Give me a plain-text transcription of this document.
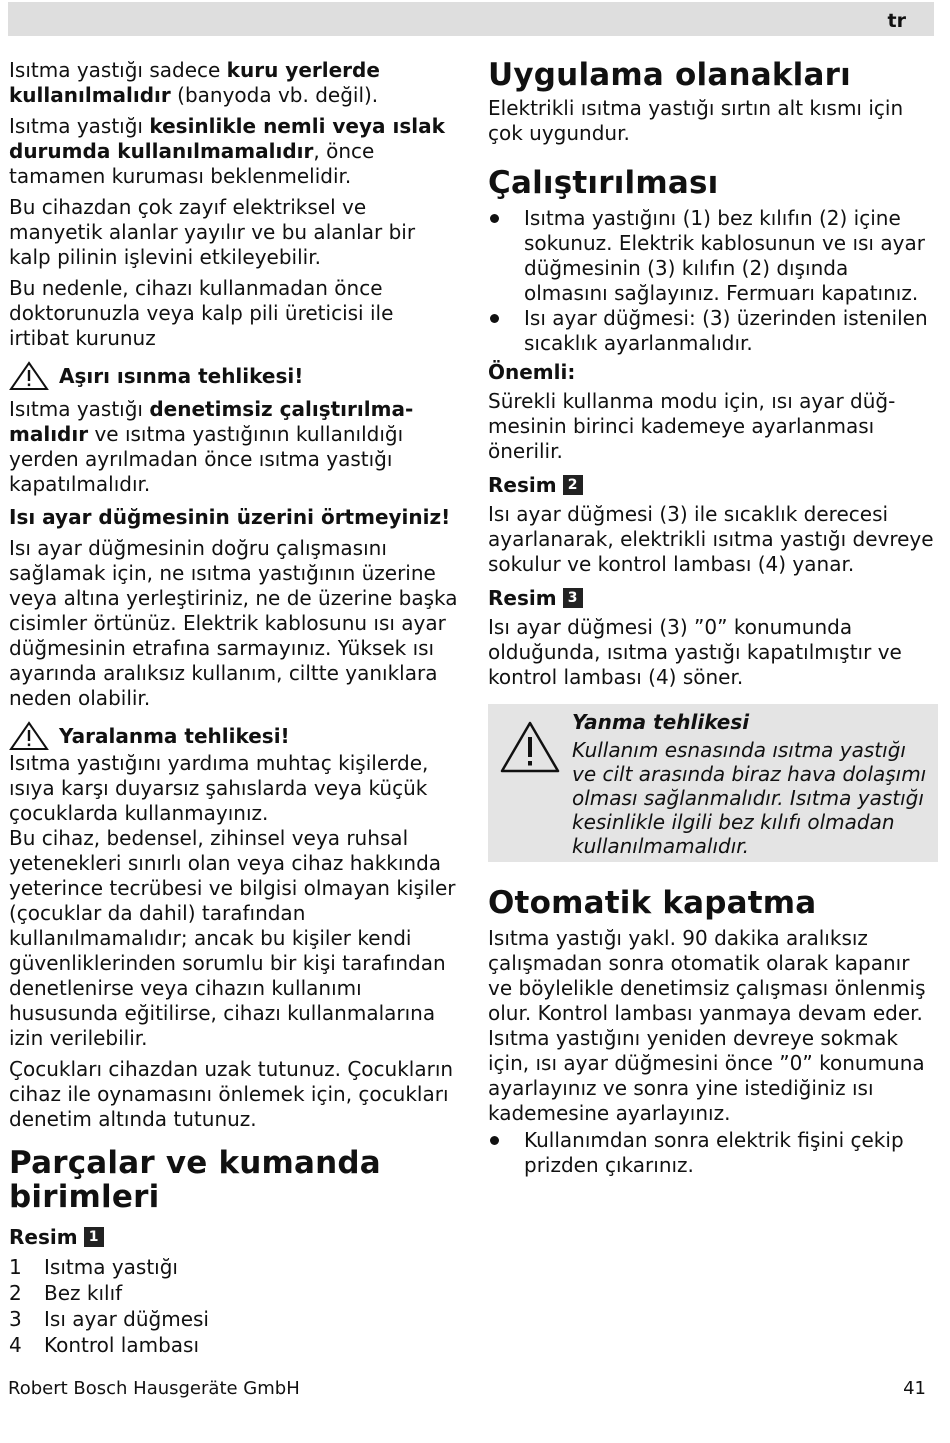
tr

Isıtma yastığı sadece kuru yerlerde kullanılmalıdır (banyoda vb. değil).

Isıtma yastığı kesinlikle nemli veya ıslak durumda kullanılmamalıdır, önce tamamen kuruması beklenmelidir.

Bu cihazdan çok zayıf elektriksel ve manyetik alanlar yayılır ve bu alanlar bir kalp pilinin işlevini etkileyebilir.

Bu nedenle, cihazı kullanmadan önce doktorunuzla veya kalp pili üreticisi ile irtibat kurunuz

Aşırı ısınma tehlikesi!

Isıtma yastığı denetimsiz çalıştırılmamalıdır ve ısıtma yastığının kullanıldığı yerden ayrılmadan önce ısıtma yastığı kapatılmalıdır.

Isı ayar düğmesinin üzerini örtmeyiniz!

Isı ayar düğmesinin doğru çalışmasını sağlamak için, ne ısıtma yastığının üzerine veya altına yerleştiriniz, ne de üzerine başka cisimler örtünüz. Elektrik kablosunu ısı ayar düğmesinin etrafına sarmayınız. Yüksek ısı ayarında aralıksız kullanım, ciltte yanıklara neden olabilir.

Yaralanma tehlikesi!

Isıtma yastığını yardıma muhtaç kişilerde, ısıya karşı duyarsız şahıslarda veya küçük çocuklarda kullanmayınız.

Bu cihaz, bedensel, zihinsel veya ruhsal yetenekleri sınırlı olan veya cihaz hakkında yeterince tecrübesi ve bilgisi olmayan kişiler (çocuklar da dahil) tarafından kullanılmamalıdır; ancak bu kişiler kendi güvenliklerinden sorumlu bir kişi tarafından denetlenirse veya cihazın kullanımı hususunda eğitilirse, cihazı kullanmalarına izin verilebilir.

Çocukları cihazdan uzak tutunuz. Çocukların cihaz ile oynamasını önlemek için, çocukları denetim altında tutunuz.

Parçalar ve kumanda birimleri
Resim 1
1	Isıtma yastığı
2	Bez kılıf
3	Isı ayar düğmesi
4	Kontrol lambası
Uygulama olanakları

Elektrikli ısıtma yastığı sırtın alt kısmı için çok uygundur.

Çalıştırılması
Isıtma yastığını (1) bez kılıfın (2) içine sokunuz. Elektrik kablosunun ve ısı ayar düğmesinin (3) kılıfın (2) dışında olmasını sağlayınız. Fermuarı kapatınız.
Isı ayar düğmesi: (3) üzerinden istenilen sıcaklık ayarlanmalıdır.
Önemli:

Sürekli kullanma modu için, ısı ayar düğmesinin birinci kademeye ayarlanması önerilir.

Resim 2

Isı ayar düğmesi (3) ile sıcaklık derecesi ayarlanarak, elektrikli ısıtma yastığı devreye sokulur ve kontrol lambası (4) yanar.

Resim 3

Isı ayar düğmesi (3) ”0” konumunda olduğunda, ısıtma yastığı kapatılmıştır ve kontrol lambası (4) söner.

Yanma tehlikesi
Kullanım esnasında ısıtma yastığı ve cilt arasında biraz hava dolaşımı olması sağlanmalıdır. Isıtma yastığı kesinlikle ilgili bez kılıfı olmadan kullanılmamalıdır.
Otomatik kapatma

Isıtma yastığı yakl. 90 dakika aralıksız çalışmadan sonra otomatik olarak kapanır ve böylelikle denetimsiz çalışması önlenmiş olur. Kontrol lambası yanmaya devam eder. Isıtma yastığını yeniden devreye sokmak için, ısı ayar düğmesini önce ”0” konumuna ayarlayınız ve sonra yine istediğiniz ısı kademesine ayarlayınız.

Kullanımdan sonra elektrik fişini çekip prizden çıkarınız.
Robert Bosch Hausgeräte GmbH	41
